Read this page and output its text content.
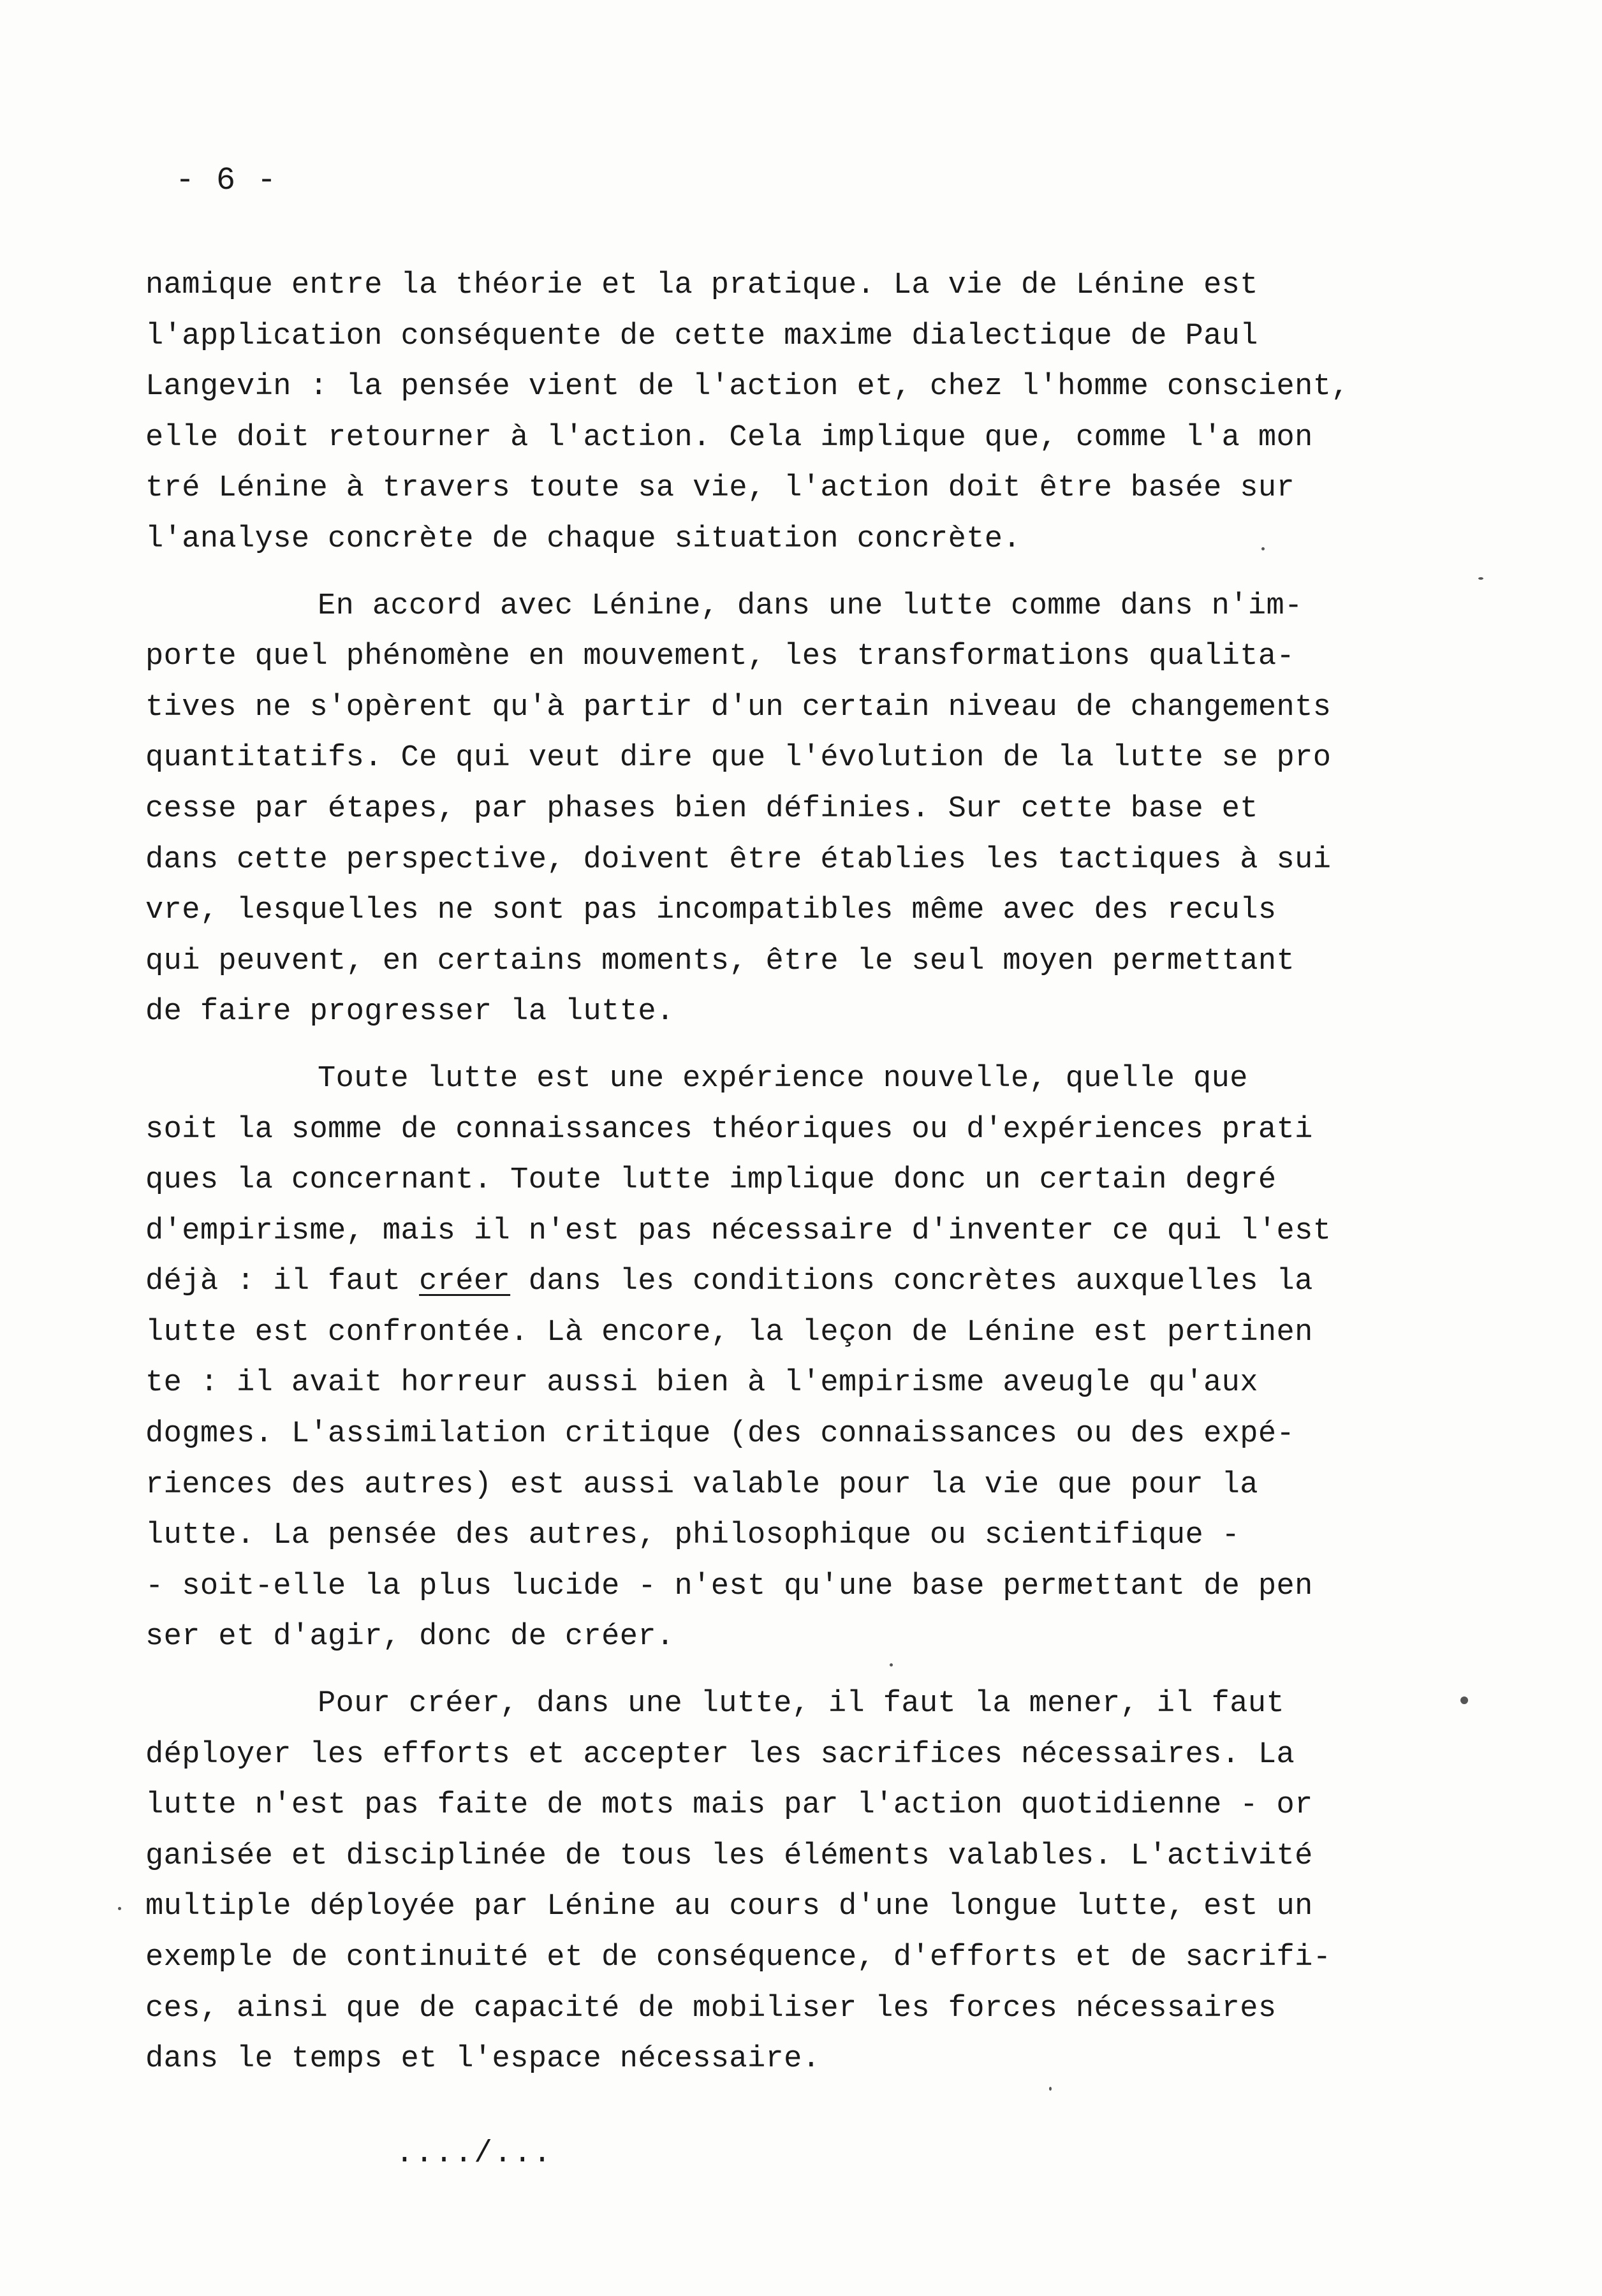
- 6 -

namique entre la théorie et la pratique. La vie de Lénine est
l'application conséquente de cette maxime dialectique de Paul
Langevin : la pensée vient de l'action et, chez l'homme conscient,
elle doit retourner à l'action. Cela implique que, comme l'a mon
tré Lénine à travers toute sa vie, l'action doit être basée sur
l'analyse concrète de chaque situation concrète.
En accord avec Lénine, dans une lutte comme dans n'im-
porte quel phénomène en mouvement, les transformations qualita-
tives ne s'opèrent qu'à partir d'un certain niveau de changements
quantitatifs. Ce qui veut dire que l'évolution de la lutte se pro
cesse par étapes, par phases bien définies. Sur cette base et
dans cette perspective, doivent être établies les tactiques à sui
vre, lesquelles ne sont pas incompatibles même avec des reculs
qui peuvent, en certains moments, être le seul moyen permettant
de faire progresser la lutte.
Toute lutte est une expérience nouvelle, quelle que
soit la somme de connaissances théoriques ou d'expériences prati
ques la concernant. Toute lutte implique donc un certain degré
d'empirisme, mais il n'est pas nécessaire d'inventer ce qui l'est
déjà : il faut créer dans les conditions concrètes auxquelles la
lutte est confrontée. Là encore, la leçon de Lénine est pertinen
te : il avait horreur aussi bien à l'empirisme aveugle qu'aux
dogmes. L'assimilation critique (des connaissances ou des expé-
riences des autres) est aussi valable pour la vie que pour la
lutte. La pensée des autres, philosophique ou scientifique -
- soit-elle la plus lucide - n'est qu'une base permettant de pen
ser et d'agir, donc de créer.
Pour créer, dans une lutte, il faut la mener, il faut
déployer les efforts et accepter les sacrifices nécessaires. La
lutte n'est pas faite de mots mais par l'action quotidienne - or
ganisée et disciplinée de tous les éléments valables. L'activité
multiple déployée par Lénine au cours d'une longue lutte, est un
exemple de continuité et de conséquence, d'efforts et de sacrifi-
ces, ainsi que de capacité de mobiliser les forces nécessaires
dans le temps et l'espace nécessaire.

..../...
